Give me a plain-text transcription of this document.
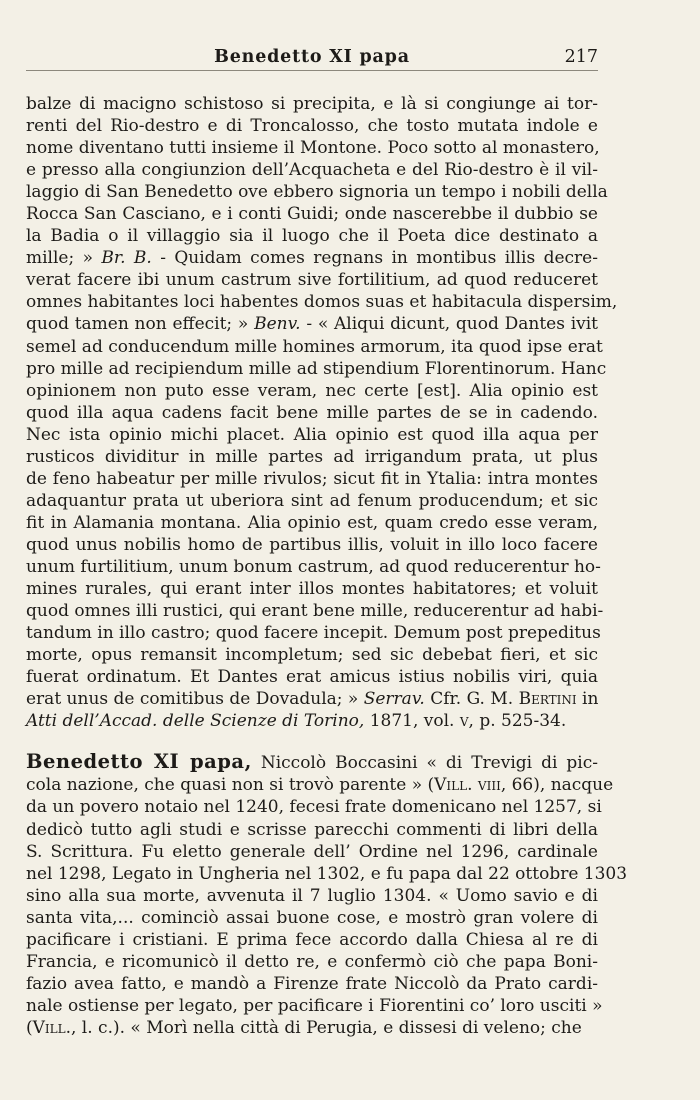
Benedetto XI papa	217
balze di macigno schistoso si precipita, e là si congiunge ai tor-
renti del Rio-destro e di Troncalosso, che tosto mutata indole e
nome diventano tutti insieme il Montone. Poco sotto al monastero,
e presso alla congiunzion dell’Acquacheta e del Rio-destro è il vil-
laggio di San Benedetto ove ebbero signoria un tempo i nobili della
Rocca San Casciano, e i conti Guidi; onde nascerebbe il dubbio se
la Badia o il villaggio sia il luogo che il Poeta dice destinato a
mille; » Br. B. - Quidam comes regnans in montibus illis decre-
verat facere ibi unum castrum sive fortilitium, ad quod reduceret
omnes habitantes loci habentes domos suas et habitacula dispersim,
quod tamen non effecit; » Benv. - « Aliqui dicunt, quod Dantes ivit
semel ad conducendum mille homines armorum, ita quod ipse erat
pro mille ad recipiendum mille ad stipendium Florentinorum. Hanc
opinionem non puto esse veram, nec certe [est]. Alia opinio est
quod illa aqua cadens facit bene mille partes de se in cadendo.
Nec ista opinio michi placet. Alia opinio est quod illa aqua per
rusticos dividitur in mille partes ad irrigandum prata, ut plus
de feno habeatur per mille rivulos; sicut fit in Ytalia: intra montes
adaquantur prata ut uberiora sint ad fenum producendum; et sic
fit in Alamania montana. Alia opinio est, quam credo esse veram,
quod unus nobilis homo de partibus illis, voluit in illo loco facere
unum furtilitium, unum bonum castrum, ad quod reducerentur ho-
mines rurales, qui erant inter illos montes habitatores; et voluit
quod omnes illi rustici, qui erant bene mille, reducerentur ad habi-
tandum in illo castro; quod facere incepit. Demum post prepeditus
morte, opus remansit incompletum; sed sic debebat fieri, et sic
fuerat ordinatum. Et Dantes erat amicus istius nobilis viri, quia
erat unus de comitibus de Dovadula; » Serrav. Cfr. G. M. Bertini in
Atti dell’Accad. delle Scienze di Torino, 1871, vol. v, p. 525-34.
Benedetto XI papa, Niccolò Boccasini « di Trevigi di pic-
cola nazione, che quasi non si trovò parente » (Vill. viii, 66), nacque
da un povero notaio nel 1240, fecesi frate domenicano nel 1257, si
dedicò tutto agli studi e scrisse parecchi commenti di libri della
S. Scrittura. Fu eletto generale dell’ Ordine nel 1296, cardinale
nel 1298, Legato in Ungheria nel 1302, e fu papa dal 22 ottobre 1303
sino alla sua morte, avvenuta il 7 luglio 1304. « Uomo savio e di
santa vita,... cominciò assai buone cose, e mostrò gran volere di
pacificare i cristiani. E prima fece accordo dalla Chiesa al re di
Francia, e ricomunicò il detto re, e confermò ciò che papa Boni-
fazio avea fatto, e mandò a Firenze frate Niccolò da Prato cardi-
nale ostiense per legato, per pacificare i Fiorentini co’ loro usciti »
(Vill., l. c.). « Morì nella città di Perugia, e dissesi di veleno; che
